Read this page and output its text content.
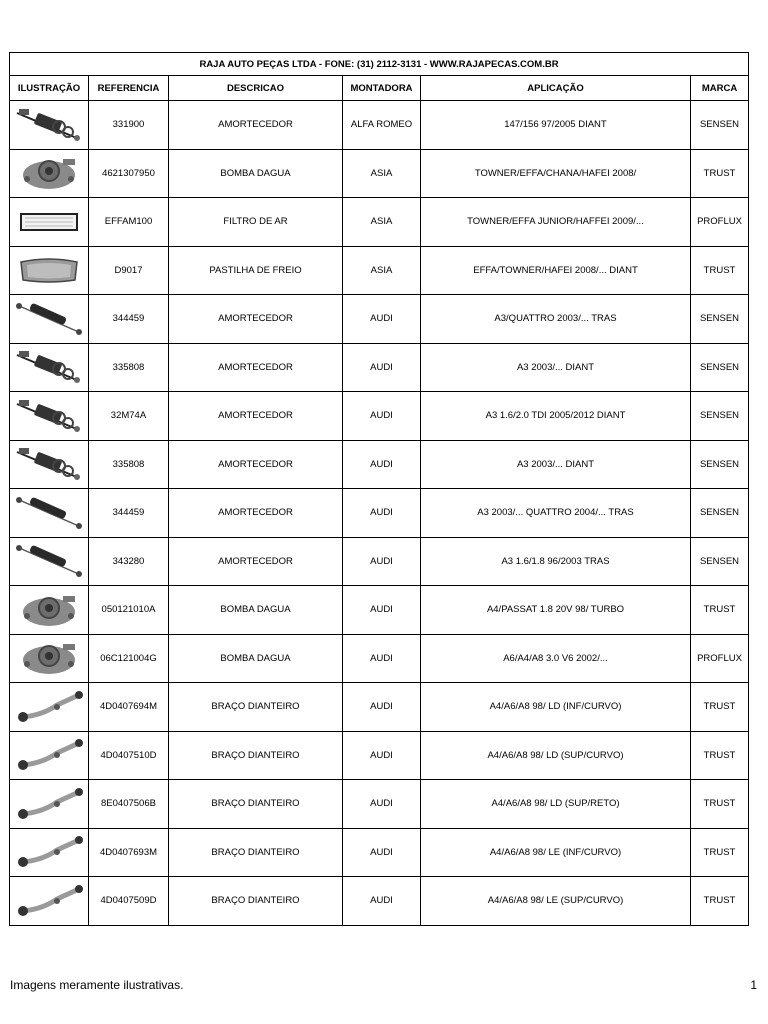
RAJA AUTO PEÇAS LTDA - FONE: (31) 2112-3131 - WWW.RAJAPECAS.COM.BR					
ILUSTRAÇÃO	REFERENCIA	DESCRICAO	MONTADORA	APLICAÇÃO	MARCA

	331900	AMORTECEDOR	ALFA ROMEO	147/156 97/2005 DIANT	SENSEN

	4621307950	BOMBA DAGUA	ASIA	TOWNER/EFFA/CHANA/HAFEI 2008/	TRUST

	EFFAM100	FILTRO DE AR	ASIA	TOWNER/EFFA JUNIOR/HAFFEI 2009/...	PROFLUX

	D9017	PASTILHA DE FREIO	ASIA	EFFA/TOWNER/HAFEI 2008/... DIANT	TRUST

	344459	AMORTECEDOR	AUDI	A3/QUATTRO 2003/... TRAS	SENSEN

	335808	AMORTECEDOR	AUDI	A3 2003/... DIANT	SENSEN

	32M74A	AMORTECEDOR	AUDI	A3 1.6/2.0 TDI 2005/2012 DIANT	SENSEN

	335808	AMORTECEDOR	AUDI	A3 2003/... DIANT	SENSEN

	344459	AMORTECEDOR	AUDI	A3 2003/... QUATTRO 2004/... TRAS	SENSEN

	343280	AMORTECEDOR	AUDI	A3 1.6/1.8 96/2003 TRAS	SENSEN

	050121010A	BOMBA DAGUA	AUDI	A4/PASSAT 1.8 20V 98/ TURBO	TRUST

	06C121004G	BOMBA DAGUA	AUDI	A6/A4/A8 3.0 V6 2002/...	PROFLUX

	4D0407694M	BRAÇO DIANTEIRO	AUDI	A4/A6/A8 98/ LD (INF/CURVO)	TRUST

	4D0407510D	BRAÇO DIANTEIRO	AUDI	A4/A6/A8 98/ LD (SUP/CURVO)	TRUST

	8E0407506B	BRAÇO DIANTEIRO	AUDI	A4/A6/A8 98/ LD (SUP/RETO)	TRUST

	4D0407693M	BRAÇO DIANTEIRO	AUDI	A4/A6/A8 98/ LE (INF/CURVO)	TRUST

	4D0407509D	BRAÇO DIANTEIRO	AUDI	A4/A6/A8 98/ LE (SUP/CURVO)	TRUST
Imagens meramente ilustrativas.	1
